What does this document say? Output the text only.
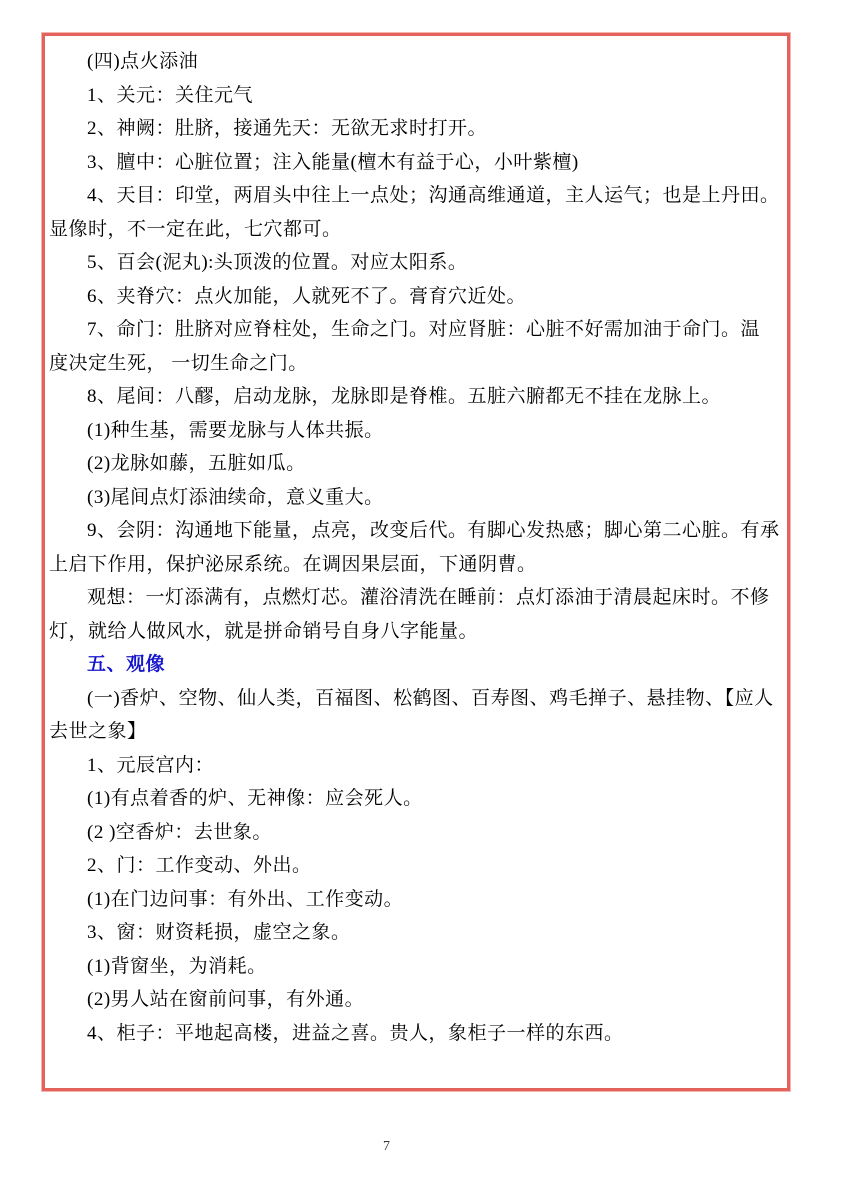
(四)点火添油

1、关元：关住元气

2、神阙：肚脐，接通先天：无欲无求时打开。

3、膻中：心脏位置；注入能量(檀木有益于心，小叶紫檀)

4、天目：印堂，两眉头中往上一点处；沟通高维通道，主人运气；也是上丹田。 显像时，不一定在此，七穴都可。

5、百会(泥丸):头顶泼的位置。对应太阳系。

6、夹脊穴：点火加能，人就死不了。膏育穴近处。

7、命门：肚脐对应脊柱处，生命之门。对应肾脏：心脏不好需加油于命门。温 度决定生死， 一切生命之门。

8、尾间：八醪，启动龙脉，龙脉即是脊椎。五脏六腑都无不挂在龙脉上。

(1)种生基，需要龙脉与人体共振。

(2)龙脉如藤，五脏如瓜。

(3)尾间点灯添油续命，意义重大。

9、会阴：沟通地下能量，点亮，改变后代。有脚心发热感；脚心第二心脏。有承上启下作用，保护泌尿系统。在调因果层面，下通阴曹。

观想：一灯添满有，点燃灯芯。灌浴清洗在睡前：点灯添油于清晨起床时。不修灯，就给人做风水，就是拼命销号自身八字能量。

五、观像

(一)香炉、空物、仙人类，百福图、松鹤图、百寿图、鸡毛掸子、悬挂物、【应人去世之象】

1、元辰宫内：

(1)有点着香的炉、无神像：应会死人。

(2 )空香炉：去世象。

2、门：工作变动、外出。

(1)在门边问事：有外出、工作变动。

3、窗：财资耗损，虚空之象。

(1)背窗坐，为消耗。

(2)男人站在窗前问事，有外通。

4、柜子：平地起高楼，进益之喜。贵人，象柜子一样的东西。

7
